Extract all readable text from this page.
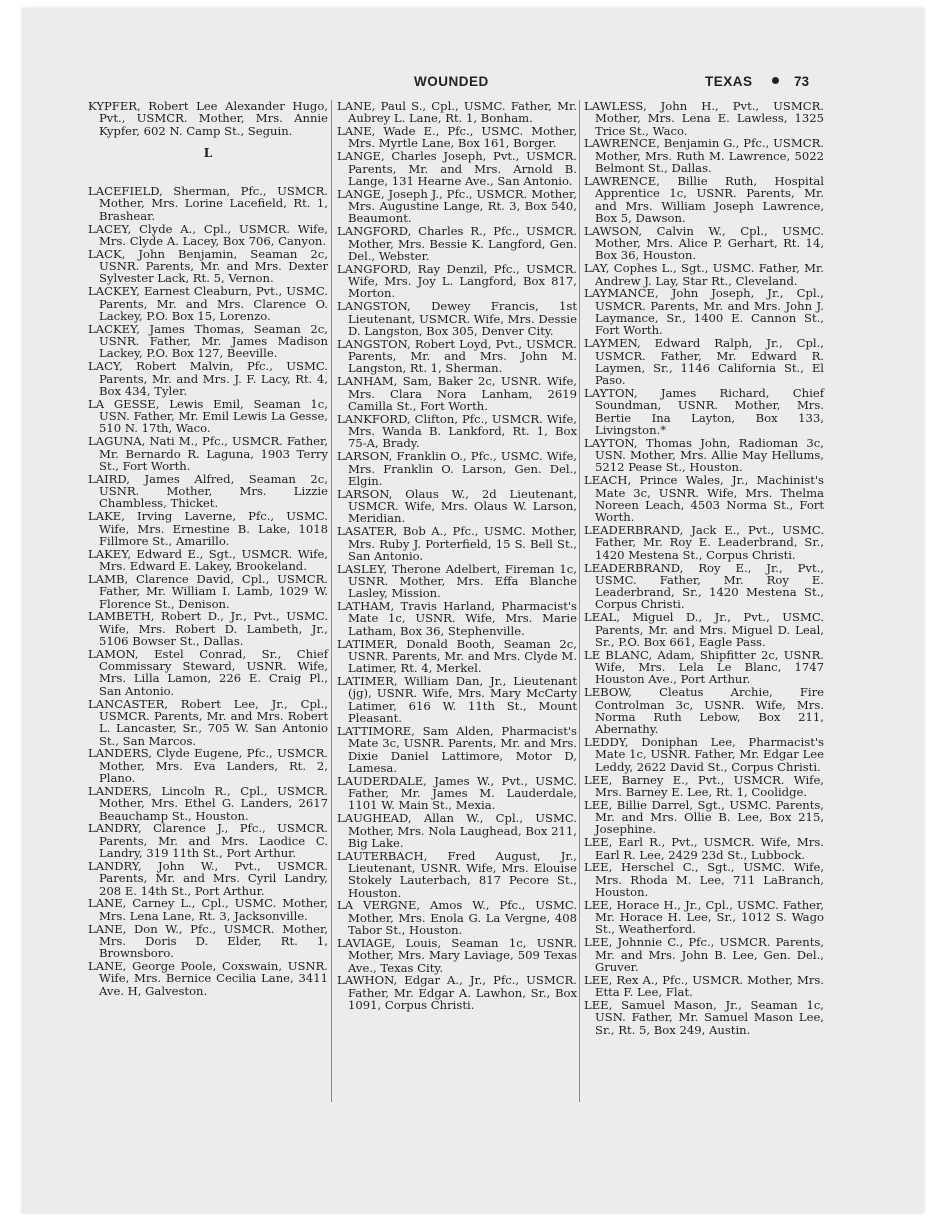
WOUNDED	TEXAS	73

KYPFER, Robert Lee Alexander Hugo, Pvt., USMCR. Mother, Mrs. Annie Kypfer, 602 N. Camp St., Seguin.

L

LACEFIELD, Sherman, Pfc., USMCR. Mother, Mrs. Lorine Lacefield, Rt. 1, Brashear.

LACEY, Clyde A., Cpl., USMCR. Wife, Mrs. Clyde A. Lacey, Box 706, Canyon.

LACK, John Benjamin, Seaman 2c, USNR. Parents, Mr. and Mrs. Dexter Sylvester Lack, Rt. 5, Vernon.

LACKEY, Earnest Cleaburn, Pvt., USMC. Parents, Mr. and Mrs. Clarence O. Lackey, P.O. Box 15, Lorenzo.

LACKEY, James Thomas, Seaman 2c, USNR. Father, Mr. James Madison Lackey, P.O. Box 127, Beeville.

LACY, Robert Malvin, Pfc., USMC. Parents, Mr. and Mrs. J. F. Lacy, Rt. 4, Box 434, Tyler.

LA GESSE, Lewis Emil, Seaman 1c, USN. Father, Mr. Emil Lewis La Gesse, 510 N. 17th, Waco.

LAGUNA, Nati M., Pfc., USMCR. Father, Mr. Bernardo R. Laguna, 1903 Terry St., Fort Worth.

LAIRD, James Alfred, Seaman 2c, USNR. Mother, Mrs. Lizzie Chambless, Thicket.

LAKE, Irving Laverne, Pfc., USMC. Wife, Mrs. Ernestine B. Lake, 1018 Fillmore St., Amarillo.

LAKEY, Edward E., Sgt., USMCR. Wife, Mrs. Edward E. Lakey, Brookeland.

LAMB, Clarence David, Cpl., USMCR. Father, Mr. William I. Lamb, 1029 W. Florence St., Denison.

LAMBETH, Robert D., Jr., Pvt., USMC. Wife, Mrs. Robert D. Lambeth, Jr., 5106 Bowser St., Dallas.

LAMON, Estel Conrad, Sr., Chief Commissary Steward, USNR. Wife, Mrs. Lilla Lamon, 226 E. Craig Pl., San Antonio.

LANCASTER, Robert Lee, Jr., Cpl., USMCR. Parents, Mr. and Mrs. Robert L. Lancaster, Sr., 705 W. San Antonio St., San Marcos.

LANDERS, Clyde Eugene, Pfc., USMCR. Mother, Mrs. Eva Landers, Rt. 2, Plano.

LANDERS, Lincoln R., Cpl., USMCR. Mother, Mrs. Ethel G. Landers, 2617 Beauchamp St., Houston.

LANDRY, Clarence J., Pfc., USMCR. Parents, Mr. and Mrs. Laodice C. Landry, 319 11th St., Port Arthur.

LANDRY, John W., Pvt., USMCR. Parents, Mr. and Mrs. Cyril Landry, 208 E. 14th St., Port Arthur.

LANE, Carney L., Cpl., USMC. Mother, Mrs. Lena Lane, Rt. 3, Jacksonville.

LANE, Don W., Pfc., USMCR. Mother, Mrs. Doris D. Elder, Rt. 1, Brownsboro.

LANE, George Poole, Coxswain, USNR. Wife, Mrs. Bernice Cecilia Lane, 3411 Ave. H, Galveston.

LANE, Paul S., Cpl., USMC. Father, Mr. Aubrey L. Lane, Rt. 1, Bonham.

LANE, Wade E., Pfc., USMC. Mother, Mrs. Myrtle Lane, Box 161, Borger.

LANGE, Charles Joseph, Pvt., USMCR. Parents, Mr. and Mrs. Arnold B. Lange, 131 Hearne Ave., San Antonio.

LANGE, Joseph J., Pfc., USMCR. Mother, Mrs. Augustine Lange, Rt. 3, Box 540, Beaumont.

LANGFORD, Charles R., Pfc., USMCR. Mother, Mrs. Bessie K. Langford, Gen. Del., Webster.

LANGFORD, Ray Denzil, Pfc., USMCR. Wife, Mrs. Joy L. Langford, Box 817, Morton.

LANGSTON, Dewey Francis, 1st Lieutenant, USMCR. Wife, Mrs. Dessie D. Langston, Box 305, Denver City.

LANGSTON, Robert Loyd, Pvt., USMCR. Parents, Mr. and Mrs. John M. Langston, Rt. 1, Sherman.

LANHAM, Sam, Baker 2c, USNR. Wife, Mrs. Clara Nora Lanham, 2619 Camilla St., Fort Worth.

LANKFORD, Clifton, Pfc., USMCR. Wife, Mrs. Wanda B. Lankford, Rt. 1, Box 75-A, Brady.

LARSON, Franklin O., Pfc., USMC. Wife, Mrs. Franklin O. Larson, Gen. Del., Elgin.

LARSON, Olaus W., 2d Lieutenant, USMCR. Wife, Mrs. Olaus W. Larson, Meridian.

LASATER, Bob A., Pfc., USMC. Mother, Mrs. Ruby J. Porterfield, 15 S. Bell St., San Antonio.

LASLEY, Therone Adelbert, Fireman 1c, USNR. Mother, Mrs. Effa Blanche Lasley, Mission.

LATHAM, Travis Harland, Pharmacist's Mate 1c, USNR. Wife, Mrs. Marie Latham, Box 36, Stephenville.

LATIMER, Donald Booth, Seaman 2c, USNR. Parents, Mr. and Mrs. Clyde M. Latimer, Rt. 4, Merkel.

LATIMER, William Dan, Jr., Lieutenant (jg), USNR. Wife, Mrs. Mary McCarty Latimer, 616 W. 11th St., Mount Pleasant.

LATTIMORE, Sam Alden, Pharmacist's Mate 3c, USNR. Parents, Mr. and Mrs. Dixie Daniel Lattimore, Motor D, Lamesa.

LAUDERDALE, James W., Pvt., USMC. Father, Mr. James M. Lauderdale, 1101 W. Main St., Mexia.

LAUGHEAD, Allan W., Cpl., USMC. Mother, Mrs. Nola Laughead, Box 211, Big Lake.

LAUTERBACH, Fred August, Jr., Lieutenant, USNR. Wife, Mrs. Elouise Stokely Lauterbach, 817 Pecore St., Houston.

LA VERGNE, Amos W., Pfc., USMC. Mother, Mrs. Enola G. La Vergne, 408 Tabor St., Houston.

LAVIAGE, Louis, Seaman 1c, USNR. Mother, Mrs. Mary Laviage, 509 Texas Ave., Texas City.

LAWHON, Edgar A., Jr., Pfc., USMCR. Father, Mr. Edgar A. Lawhon, Sr., Box 1091, Corpus Christi.

LAWLESS, John H., Pvt., USMCR. Mother, Mrs. Lena E. Lawless, 1325 Trice St., Waco.

LAWRENCE, Benjamin G., Pfc., USMCR. Mother, Mrs. Ruth M. Lawrence, 5022 Belmont St., Dallas.

LAWRENCE, Billie Ruth, Hospital Apprentice 1c, USNR. Parents, Mr. and Mrs. William Joseph Lawrence, Box 5, Dawson.

LAWSON, Calvin W., Cpl., USMC. Mother, Mrs. Alice P. Gerhart, Rt. 14, Box 36, Houston.

LAY, Cophes L., Sgt., USMC. Father, Mr. Andrew J. Lay, Star Rt., Cleveland.

LAYMANCE, John Joseph, Jr., Cpl., USMCR. Parents, Mr. and Mrs. John J. Laymance, Sr., 1400 E. Cannon St., Fort Worth.

LAYMEN, Edward Ralph, Jr., Cpl., USMCR. Father, Mr. Edward R. Laymen, Sr., 1146 California St., El Paso.

LAYTON, James Richard, Chief Soundman, USNR. Mother, Mrs. Bertie Ina Layton, Box 133, Livingston.*

LAYTON, Thomas John, Radioman 3c, USN. Mother, Mrs. Allie May Hellums, 5212 Pease St., Houston.

LEACH, Prince Wales, Jr., Machinist's Mate 3c, USNR. Wife, Mrs. Thelma Noreen Leach, 4503 Norma St., Fort Worth.

LEADERBRAND, Jack E., Pvt., USMC. Father, Mr. Roy E. Leaderbrand, Sr., 1420 Mestena St., Corpus Christi.

LEADERBRAND, Roy E., Jr., Pvt., USMC. Father, Mr. Roy E. Leaderbrand, Sr., 1420 Mestena St., Corpus Christi.

LEAL, Miguel D., Jr., Pvt., USMC. Parents, Mr. and Mrs. Miguel D. Leal, Sr., P.O. Box 661, Eagle Pass.

LE BLANC, Adam, Shipfitter 2c, USNR. Wife, Mrs. Lela Le Blanc, 1747 Houston Ave., Port Arthur.

LEBOW, Cleatus Archie, Fire Controlman 3c, USNR. Wife, Mrs. Norma Ruth Lebow, Box 211, Abernathy.

LEDDY, Doniphan Lee, Pharmacist's Mate 1c, USNR. Father, Mr. Edgar Lee Leddy, 2622 David St., Corpus Christi.

LEE, Barney E., Pvt., USMCR. Wife, Mrs. Barney E. Lee, Rt. 1, Coolidge.

LEE, Billie Darrel, Sgt., USMC. Parents, Mr. and Mrs. Ollie B. Lee, Box 215, Josephine.

LEE, Earl R., Pvt., USMCR. Wife, Mrs. Earl R. Lee, 2429 23d St., Lubbock.

LEE, Herschel C., Sgt., USMC. Wife, Mrs. Rhoda M. Lee, 711 LaBranch, Houston.

LEE, Horace H., Jr., Cpl., USMC. Father, Mr. Horace H. Lee, Sr., 1012 S. Wago St., Weatherford.

LEE, Johnnie C., Pfc., USMCR. Parents, Mr. and Mrs. John B. Lee, Gen. Del., Gruver.

LEE, Rex A., Pfc., USMCR. Mother, Mrs. Etta F. Lee, Flat.

LEE, Samuel Mason, Jr., Seaman 1c, USN. Father, Mr. Samuel Mason Lee, Sr., Rt. 5, Box 249, Austin.
